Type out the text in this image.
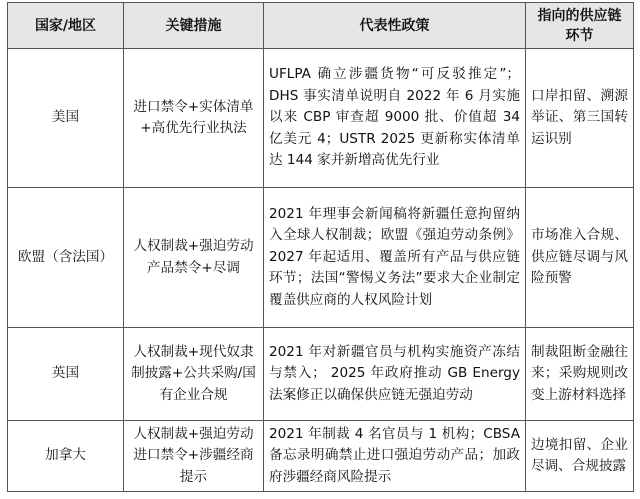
国家/地区	关键措施	代表性政策	指向的供应链环节
美国	进口禁令+实体清单+高优先行业执法	UFLPA 确立涉疆货物“可反驳推定”；DHS 事实清单说明自 2022 年 6 月实施以来 CBP 审查超 9000 批、价值超 34 亿美元 4；USTR 2025 更新称实体清单达 144 家并新增高优先行业	口岸扣留、溯源举证、第三国转运识别
欧盟（含法国）	人权制裁+强迫劳动产品禁令+尽调	2021 年理事会新闻稿将新疆任意拘留纳入全球人权制裁；欧盟《强迫劳动条例》2027 年起适用、覆盖所有产品与供应链环节；法国“警惕义务法”要求大企业制定覆盖供应商的人权风险计划	市场准入合规、供应链尽调与风险预警
英国	人权制裁+现代奴隶制披露+公共采购/国有企业合规	2021 年对新疆官员与机构实施资产冻结与禁入； 2025 年政府推动 GB Energy 法案修正以确保供应链无强迫劳动	制裁阻断金融往来；采购规则改变上游材料选择
加拿大	人权制裁+强迫劳动进口禁令+涉疆经商提示	2021 年制裁 4 名官员与 1 机构；CBSA 备忘录明确禁止进口强迫劳动产品；加政府涉疆经商风险提示	边境扣留、企业尽调、合规披露
